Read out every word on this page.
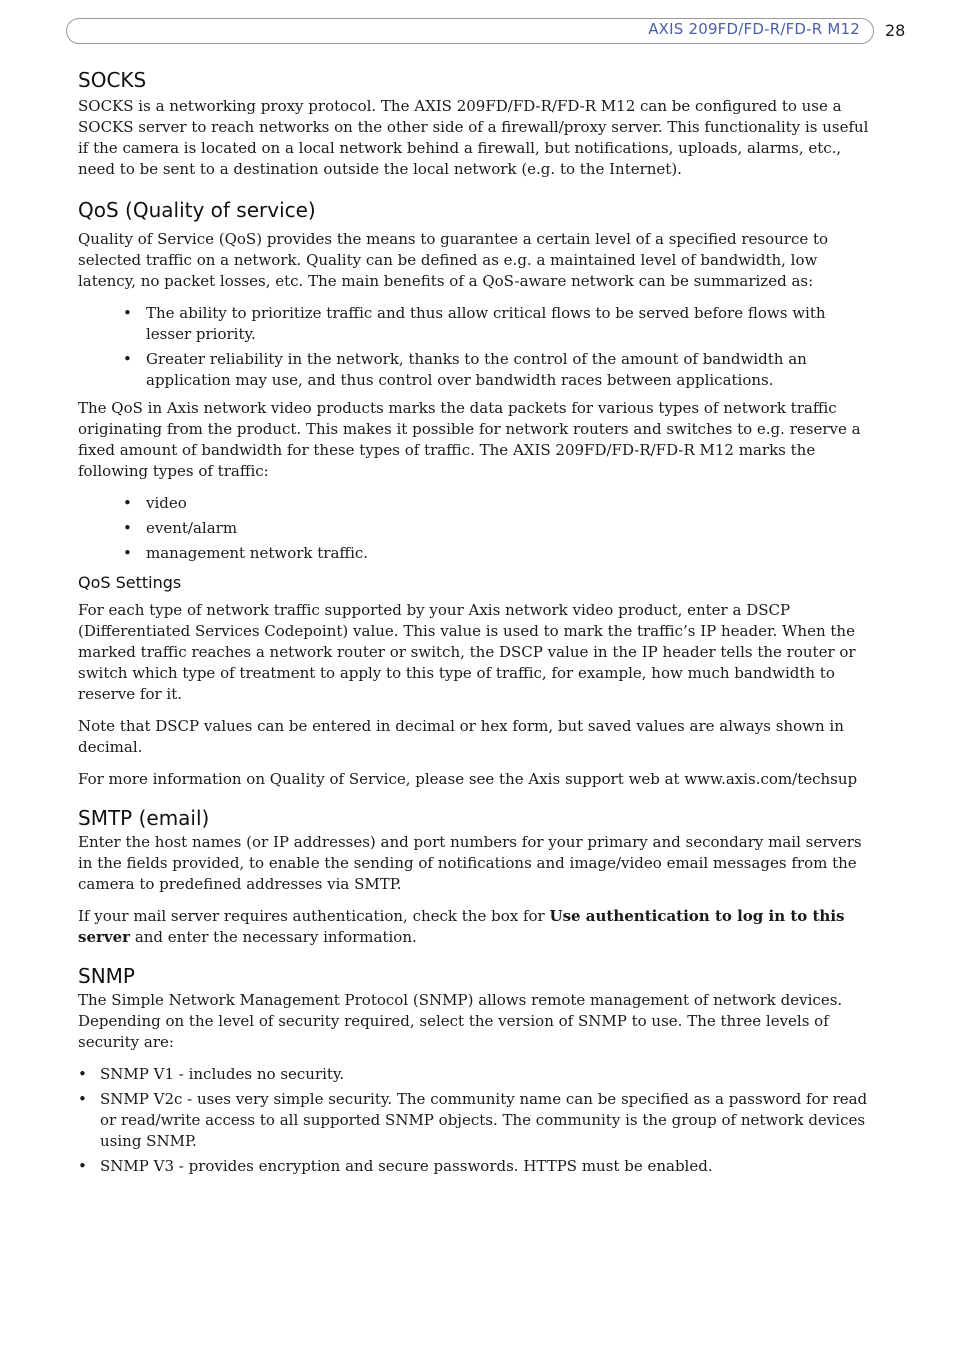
AXIS 209FD/FD-R/FD-R M12 28
SOCKS

SOCKS is a networking proxy protocol. The AXIS 209FD/FD-R/FD-R M12 can be configured to use a SOCKS server to reach networks on the other side of a firewall/proxy server. This functionality is useful if the camera is located on a local network behind a firewall, but notifications, uploads, alarms, etc., need to be sent to a destination outside the local network (e.g. to the Internet).

QoS (Quality of service)

Quality of Service (QoS) provides the means to guarantee a certain level of a specified resource to selected traffic on a network. Quality can be defined as e.g. a maintained level of bandwidth, low latency, no packet losses, etc. The main benefits of a QoS-aware network can be summarized as:

• The ability to prioritize traffic and thus allow critical flows to be served before flows with lesser priority.
• Greater reliability in the network, thanks to the control of the amount of bandwidth an application may use, and thus control over bandwidth races between applications.

The QoS in Axis network video products marks the data packets for various types of network traffic originating from the product. This makes it possible for network routers and switches to e.g. reserve a fixed amount of bandwidth for these types of traffic. The AXIS 209FD/FD-R/FD-R M12 marks the following types of traffic:

• video
• event/alarm
• management network traffic.
QoS Settings

For each type of network traffic supported by your Axis network video product, enter a DSCP (Differentiated Services Codepoint) value. This value is used to mark the traffic’s IP header. When the marked traffic reaches a network router or switch, the DSCP value in the IP header tells the router or switch which type of treatment to apply to this type of traffic, for example, how much bandwidth to reserve for it.

Note that DSCP values can be entered in decimal or hex form, but saved values are always shown in decimal.

For more information on Quality of Service, please see the Axis support web at www.axis.com/techsup

SMTP (email)

Enter the host names (or IP addresses) and port numbers for your primary and secondary mail servers in the fields provided, to enable the sending of notifications and image/video email messages from the camera to predefined addresses via SMTP.

If your mail server requires authentication, check the box for Use authentication to log in to this server and enter the necessary information.

SNMP

The Simple Network Management Protocol (SNMP) allows remote management of network devices. Depending on the level of security required, select the version of SNMP to use. The three levels of security are:

• SNMP V1 - includes no security.
• SNMP V2c - uses very simple security. The community name can be specified as a password for read or read/write access to all supported SNMP objects. The community is the group of network devices using SNMP.
• SNMP V3 - provides encryption and secure passwords. HTTPS must be enabled.
